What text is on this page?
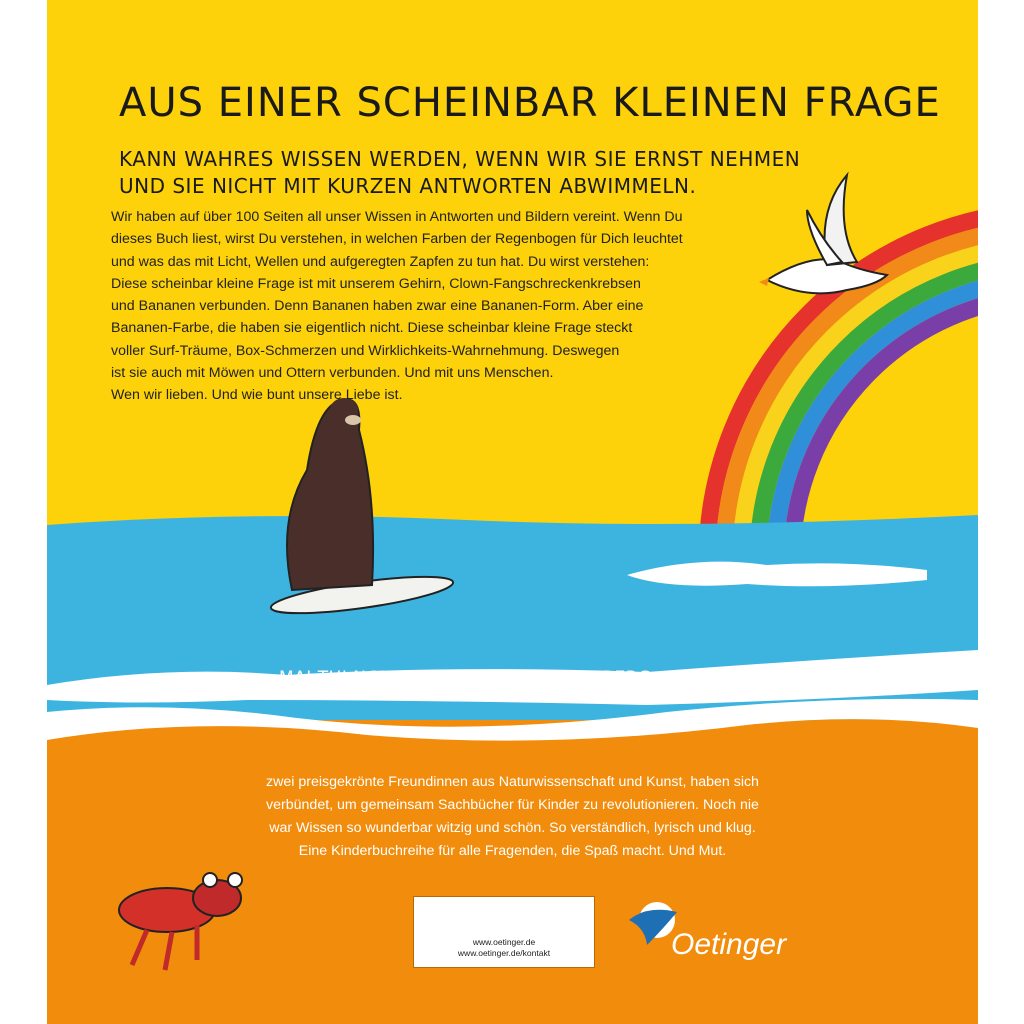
AUS EINER SCHEINBAR KLEINEN FRAGE
KANN WAHRES WISSEN WERDEN, WENN WIR SIE ERNST NEHMEN
UND SIE NICHT MIT KURZEN ANTWORTEN ABWIMMELN.
Wir haben auf über 100 Seiten all unser Wissen in Antworten und Bildern vereint. Wenn Du
dieses Buch liest, wirst Du verstehen, in welchen Farben der Regenbogen für Dich leuchtet
und was das mit Licht, Wellen und aufgeregten Zapfen zu tun hat. Du wirst verstehen:
Diese scheinbar kleine Frage ist mit unserem Gehirn, Clown-Fangschreckenkrebsen
und Bananen verbunden. Denn Bananen haben zwar eine Bananen-Form. Aber eine
Bananen-Farbe, die haben sie eigentlich nicht. Diese scheinbar kleine Frage steckt
voller Surf-Träume, Box-Schmerzen und Wirklichkeits-Wahrnehmung. Deswegen
ist sie auch mit Möwen und Ottern verbunden. Und mit uns Menschen.
Wen wir lieben. Und wie bunt unsere Liebe ist.
MAI THI NGUYEN-KIM & MARIE MEIMBERG,
zwei preisgekrönte Freundinnen aus Naturwissenschaft und Kunst, haben sich
verbündet, um gemeinsam Sachbücher für Kinder zu revolutionieren. Noch nie
war Wissen so wunderbar witzig und schön. So verständlich, lyrisch und klug.
Eine Kinderbuchreihe für alle Fragenden, die Spaß macht. Und Mut.
www.oetinger.de
www.oetinger.de/kontakt	Oetinger
